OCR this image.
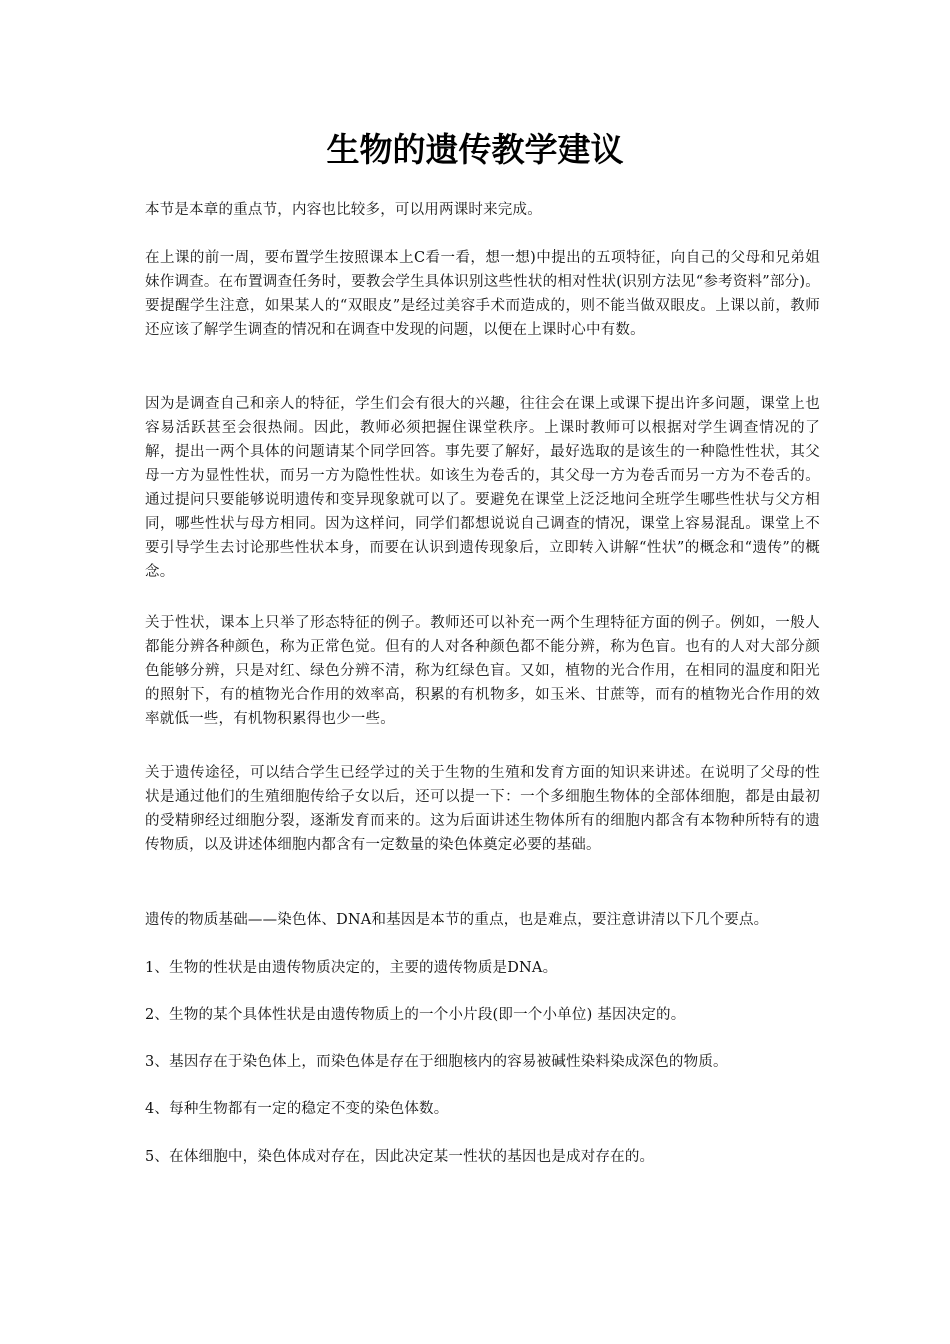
生物的遗传教学建议

本节是本章的重点节，内容也比较多，可以用两课时来完成。

在上课的前一周，要布置学生按照课本上C看一看，想一想)中提出的五项特征，向自己的父母和兄弟姐妹作调查。在布置调查任务时，要教会学生具体识别这些性状的相对性状(识别方法见“参考资料”部分)。要提醒学生注意，如果某人的“双眼皮”是经过美容手术而造成的，则不能当做双眼皮。上课以前，教师还应该了解学生调查的情况和在调查中发现的问题，以便在上课时心中有数。

因为是调查自己和亲人的特征，学生们会有很大的兴趣，往往会在课上或课下提出许多问题，课堂上也容易活跃甚至会很热闹。因此，教师必须把握住课堂秩序。上课时教师可以根据对学生调查情况的了解，提出一两个具体的问题请某个同学回答。事先要了解好，最好选取的是该生的一种隐性性状，其父母一方为显性性状，而另一方为隐性性状。如该生为卷舌的，其父母一方为卷舌而另一方为不卷舌的。通过提问只要能够说明遗传和变异现象就可以了。要避免在课堂上泛泛地问全班学生哪些性状与父方相同，哪些性状与母方相同。因为这样问，同学们都想说说自己调查的情况，课堂上容易混乱。课堂上不要引导学生去讨论那些性状本身，而要在认识到遗传现象后，立即转入讲解“性状”的概念和“遗传”的概念。

关于性状，课本上只举了形态特征的例子。教师还可以补充一两个生理特征方面的例子。例如，一般人都能分辨各种颜色，称为正常色觉。但有的人对各种颜色都不能分辨，称为色盲。也有的人对大部分颜色能够分辨，只是对红、绿色分辨不清，称为红绿色盲。又如，植物的光合作用，在相同的温度和阳光的照射下，有的植物光合作用的效率高，积累的有机物多，如玉米、甘蔗等，而有的植物光合作用的效率就低一些，有机物积累得也少一些。

关于遗传途径，可以结合学生已经学过的关于生物的生殖和发育方面的知识来讲述。在说明了父母的性状是通过他们的生殖细胞传给子女以后，还可以提一下：一个多细胞生物体的全部体细胞，都是由最初的受精卵经过细胞分裂，逐渐发育而来的。这为后面讲述生物体所有的细胞内都含有本物种所特有的遗传物质，以及讲述体细胞内都含有一定数量的染色体奠定必要的基础。

遗传的物质基础——染色体、DNA和基因是本节的重点，也是难点，要注意讲清以下几个要点。

1、生物的性状是由遗传物质决定的，主要的遗传物质是DNA。

2、生物的某个具体性状是由遗传物质上的一个小片段(即一个小单位) 基因决定的。

3、基因存在于染色体上，而染色体是存在于细胞核内的容易被碱性染料染成深色的物质。

4、每种生物都有一定的稳定不变的染色体数。

5、在体细胞中，染色体成对存在，因此决定某一性状的基因也是成对存在的。
